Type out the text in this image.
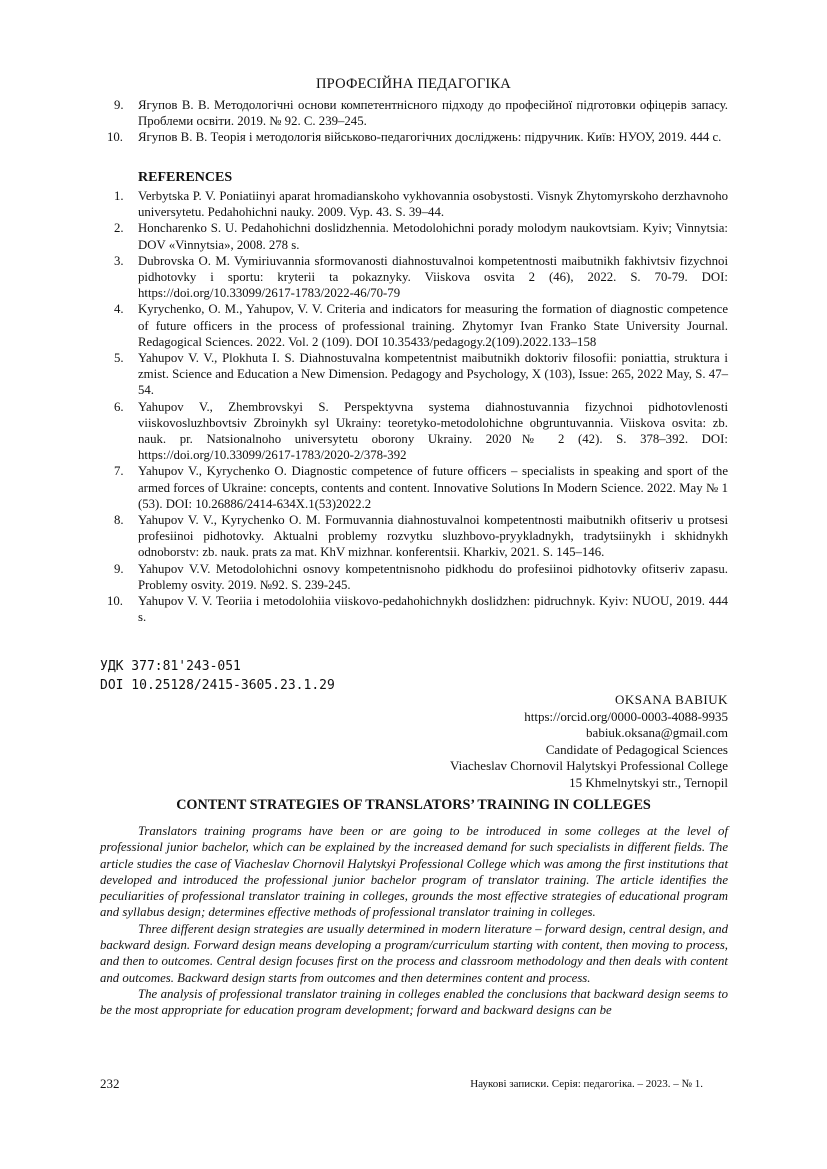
ПРОФЕСІЙНА ПЕДАГОГІКА
9.	Ягупов В. В. Методологічні основи компетентнісного підходу до професійної підготовки офіцерів запасу. Проблеми освіти. 2019. № 92. С. 239–245.
10.	Ягупов В. В. Теорія і методологія військово-педагогічних досліджень: підручник. Київ: НУОУ, 2019. 444 с.
REFERENCES
1.	Verbytska P. V. Poniatiinyi aparat hromadianskoho vykhovannia osobystosti. Visnyk Zhytomyrskoho derzhavnoho universytetu. Pedahohichni nauky. 2009. Vyp. 43. S. 39–44.
2.	Honcharenko S. U. Pedahohichni doslidzhennia. Metodolohichni porady molodym naukovtsiam. Kyiv; Vinnytsia: DOV «Vinnytsia», 2008. 278 s.
3.	Dubrovska O. M. Vymiriuvannia sformovanosti diahnostuvalnoi kompetentnosti maibutnikh fakhivtsiv fizychnoi pidhotovky i sportu: kryterii ta pokaznyky. Viiskova osvita 2 (46), 2022. S. 70-79. DOI: https://doi.org/10.33099/2617-1783/2022-46/70-79
4.	Kyrychenko, O. M., Yahupov, V. V. Criteria and indicators for measuring the formation of diagnostic competence of future officers in the process of professional training. Zhytomyr Ivan Franko State University Journal. Redagogical Sciences. 2022. Vol. 2 (109). DOI 10.35433/pedagogy.2(109).2022.133–158
5.	Yahupov V. V., Plokhuta I. S. Diahnostuvalna kompetentnist maibutnikh doktoriv filosofii: poniattia, struktura i zmist. Science and Education a New Dimension. Pedagogy and Psychology, X (103), Issue: 265, 2022 May, S. 47–54.
6.	Yahupov V., Zhembrovskyi S. Perspektyvna systema diahnostuvannia fizychnoi pidhotovlenosti viiskovosluzhbovtsiv Zbroinykh syl Ukrainy: teoretyko-metodolohichne obgruntuvannia. Viiskova osvita: zb. nauk. pr. Natsionalnoho universytetu oborony Ukrainy. 2020№ 2 (42). S. 378–392. DOI: https://doi.org/10.33099/2617-1783/2020-2/378-392
7.	Yahupov V., Kyrychenko O. Diagnostic competence of future officers – specialists in speaking and sport of the armed forces of Ukraine: concepts, contents and content. Innovative Solutions In Modern Science. 2022. May № 1 (53). DOI: 10.26886/2414-634X.1(53)2022.2
8.	Yahupov V. V., Kyrychenko O. M. Formuvannia diahnostuvalnoi kompetentnosti maibutnikh ofitseriv u protsesi profesiinoi pidhotovky. Aktualni problemy rozvytku sluzhbovo-pryykladnykh, tradytsiinykh i skhidnykh odnoborstv: zb. nauk. prats za mat. KhV mizhnar. konferentsii. Kharkiv, 2021. S. 145–146.
9.	Yahupov V.V. Metodolohichni osnovy kompetentnisnoho pidkhodu do profesiinoi pidhotovky ofitseriv zapasu. Problemy osvity. 2019. №92. S. 239-245.
10.	Yahupov V. V. Teoriia i metodolohiia viiskovo-pedahohichnykh doslidzhen: pidruchnyk. Kyiv: NUOU, 2019. 444 s.
УДК 377:81'243-051
DOI 10.25128/2415-3605.23.1.29
OKSANA BABIUK
https://orcid.org/0000-0003-4088-9935
babiuk.oksana@gmail.com
Candidate of Pedagogical Sciences
Viacheslav Chornovil Halytskyi Professional College
15 Khmelnytskyi str., Ternopil
CONTENT STRATEGIES OF TRANSLATORS’ TRAINING IN COLLEGES

Translators training programs have been or are going to be introduced in some colleges at the level of professional junior bachelor, which can be explained by the increased demand for such specialists in different fields. The article studies the case of Viacheslav Chornovil Halytskyi Professional College which was among the first institutions that developed and introduced the professional junior bachelor program of translator training. The article identifies the peculiarities of professional translator training in colleges, grounds the most effective strategies of educational program and syllabus design; determines effective methods of professional translator training in colleges.

Three different design strategies are usually determined in modern literature – forward design, central design, and backward design. Forward design means developing a program/curriculum starting with content, then moving to process, and then to outcomes. Central design focuses first on the process and classroom methodology and then deals with content and outcomes. Backward design starts from outcomes and then determines content and process.

The analysis of professional translator training in colleges enabled the conclusions that backward design seems to be the most appropriate for education program development; forward and backward designs can be

232	Наукові записки. Серія: педагогіка. – 2023. – № 1.
